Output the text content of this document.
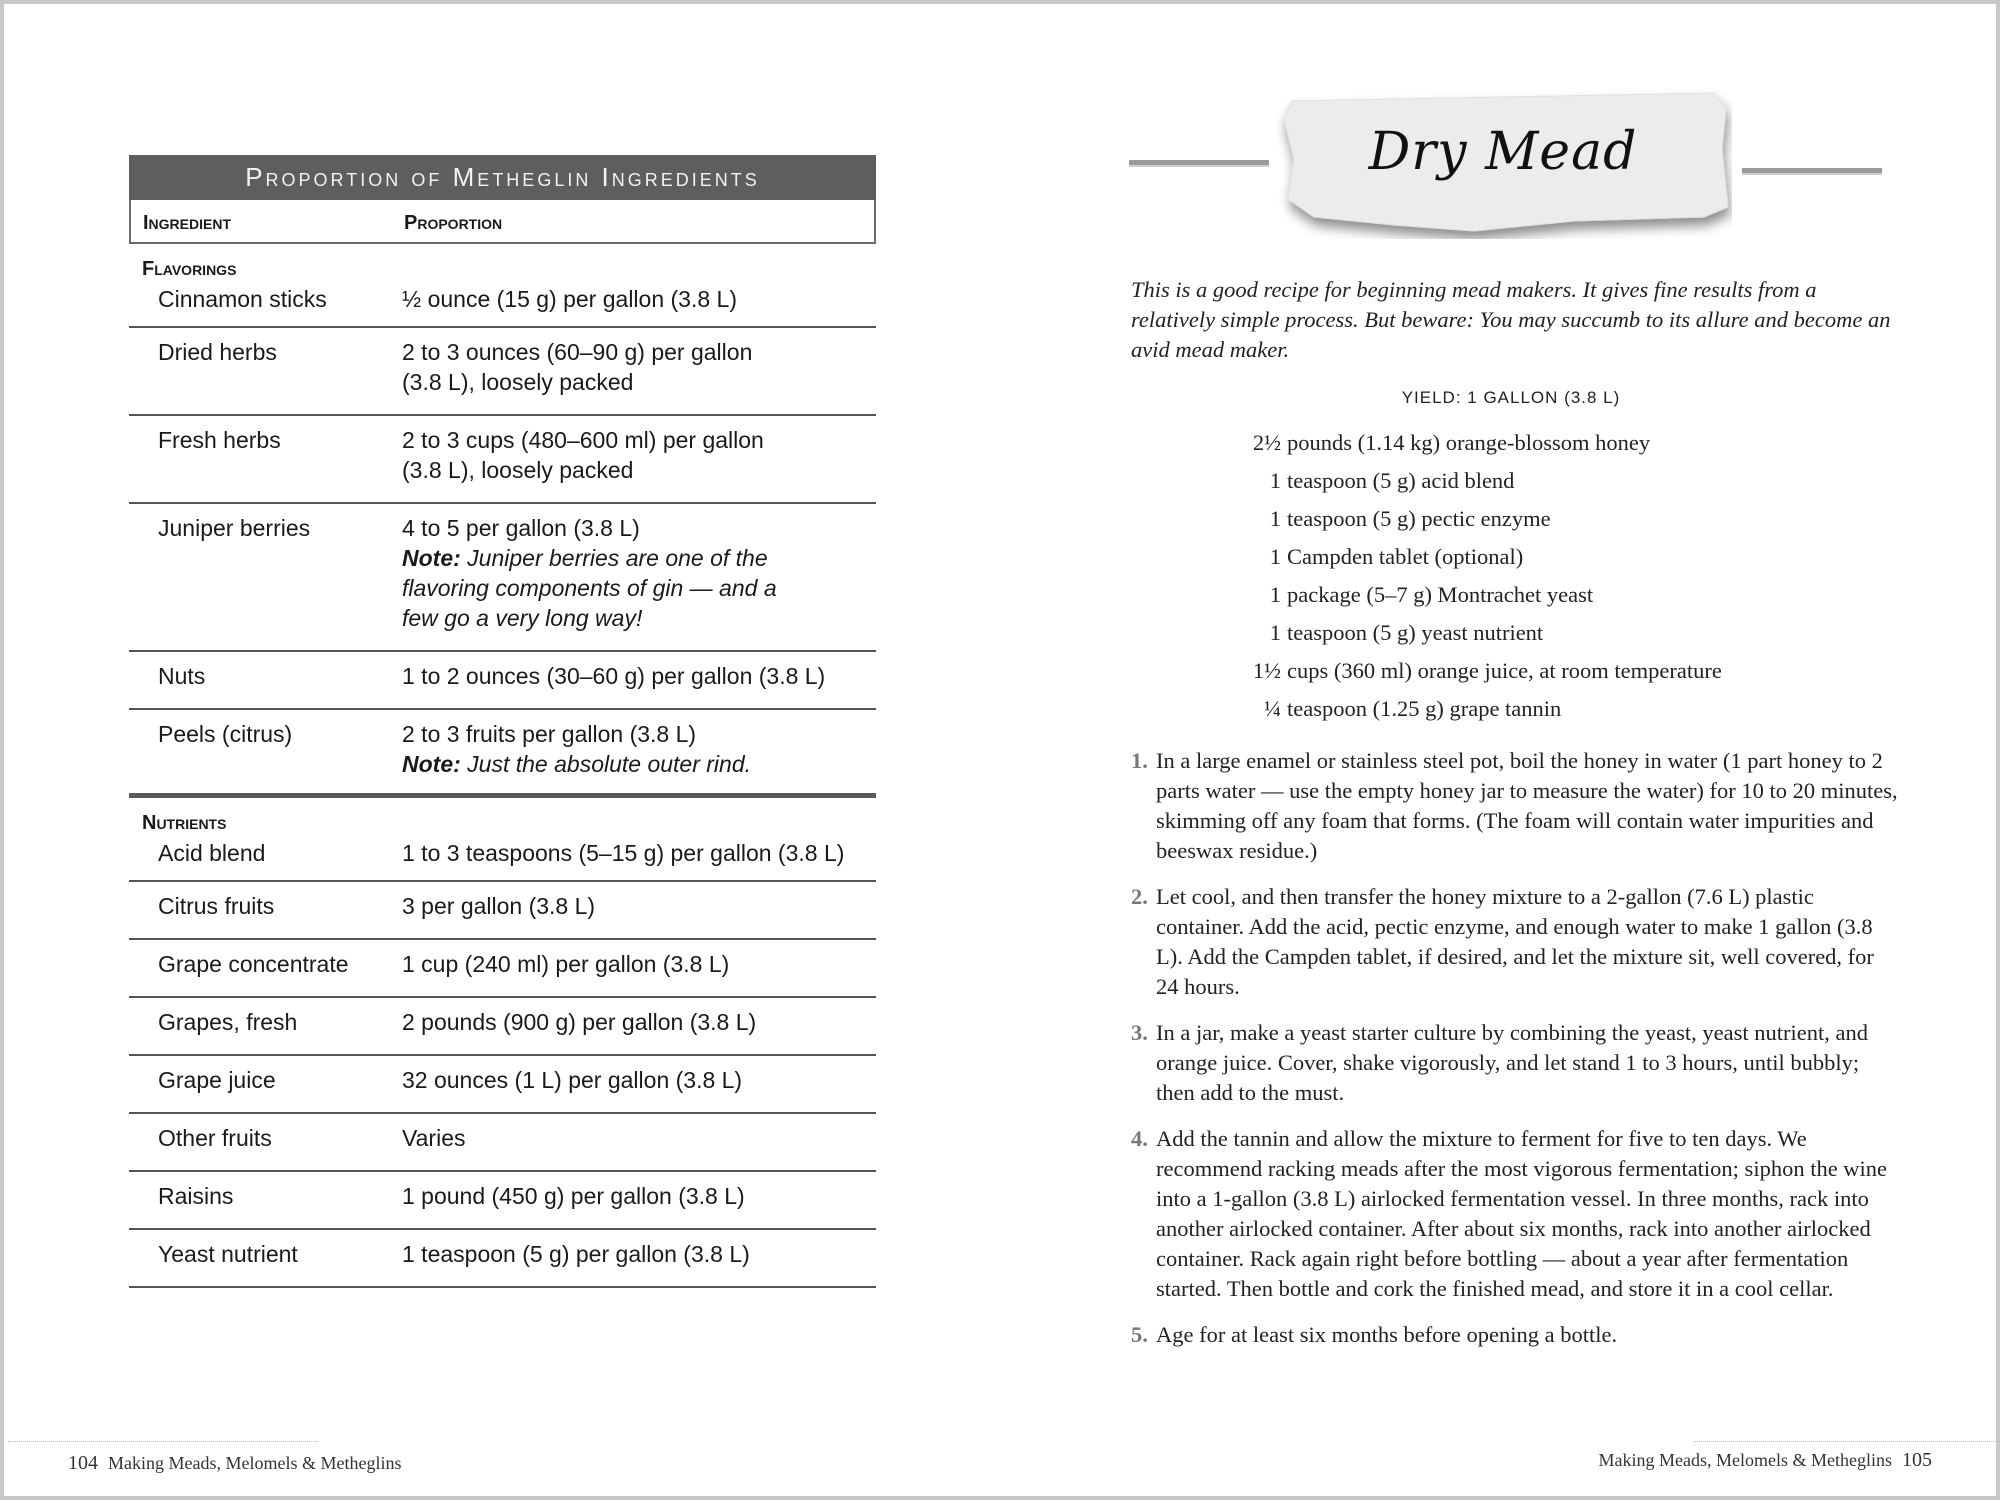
Proportion of Metheglin Ingredients
Ingredient	Proportion
Flavorings
Cinnamon sticks	½ ounce (15 g) per gallon (3.8 L)
Dried herbs	2 to 3 ounces (60–90 g) per gallon
(3.8 L), loosely packed
Fresh herbs	2 to 3 cups (480–600 ml) per gallon
(3.8 L), loosely packed
Juniper berries	4 to 5 per gallon (3.8 L)
Note: Juniper berries are one of the
flavoring components of gin — and a
few go a very long way!
Nuts	1 to 2 ounces (30–60 g) per gallon (3.8 L)
Peels (citrus)	2 to 3 fruits per gallon (3.8 L)
Note: Just the absolute outer rind.
Nutrients
Acid blend	1 to 3 teaspoons (5–15 g) per gallon (3.8 L)
Citrus fruits	3 per gallon (3.8 L)
Grape concentrate 1 cup (240 ml) per gallon (3.8 L)
Grapes, fresh	2 pounds (900 g) per gallon (3.8 L)
Grape juice	32 ounces (1 L) per gallon (3.8 L)
Other fruits	Varies
Raisins	1 pound (450 g) per gallon (3.8 L)
Yeast nutrient	1 teaspoon (5 g) per gallon (3.8 L)
104 Making Meads, Melomels & Metheglins
Dry Mead
This is a good recipe for beginning mead makers. It gives fine results from a relatively simple process. But beware: You may succumb to its allure and become an avid mead maker.
YIELD: 1 GALLON (3.8 L)
2½ pounds (1.14 kg) orange-blossom honey
1 teaspoon (5 g) acid blend
1 teaspoon (5 g) pectic enzyme
1 Campden tablet (optional)
1 package (5–7 g) Montrachet yeast
1 teaspoon (5 g) yeast nutrient
1½ cups (360 ml) orange juice, at room temperature
¼ teaspoon (1.25 g) grape tannin
1. In a large enamel or stainless steel pot, boil the honey in water (1 part honey to 2 parts water — use the empty honey jar to measure the water) for 10 to 20 minutes, skimming off any foam that forms. (The foam will contain water impurities and beeswax residue.)
2. Let cool, and then transfer the honey mixture to a 2-gallon (7.6 L) plastic container. Add the acid, pectic enzyme, and enough water to make 1 gallon (3.8 L). Add the Campden tablet, if desired, and let the mixture sit, well covered, for 24 hours.
3. In a jar, make a yeast starter culture by combining the yeast, yeast nutrient, and orange juice. Cover, shake vigorously, and let stand 1 to 3 hours, until bubbly; then add to the must.
4. Add the tannin and allow the mixture to ferment for five to ten days. We recommend racking meads after the most vigorous fermentation; siphon the wine into a 1-gallon (3.8 L) airlocked fermentation vessel. In three months, rack into another airlocked container. After about six months, rack into another airlocked container. Rack again right before bottling — about a year after fermentation started. Then bottle and cork the finished mead, and store it in a cool cellar.
5. Age for at least six months before opening a bottle.
Making Meads, Melomels & Metheglins 105
